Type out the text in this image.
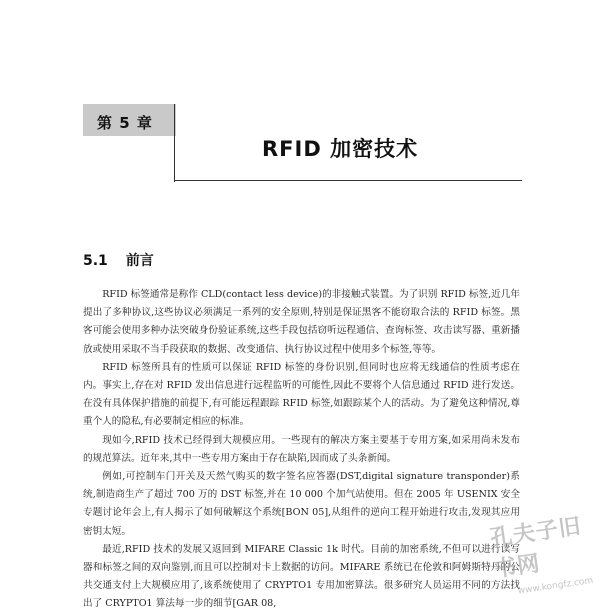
第 5 章
RFID 加密技术
5.1 前言

RFID 标签通常是称作 CLD(contact less device)的非接触式装置。为了识别 RFID 标签,近几年提出了多种协议,这些协议必须满足一系列的安全原则,特别是保证黑客不能窃取合法的 RFID 标签。黑客可能会使用多种办法突破身份验证系统,这些手段包括窃听远程通信、查询标签、攻击读写器、重新播放或使用采取不当手段获取的数据、改变通信、执行协议过程中使用多个标签,等等。

RFID 标签所具有的性质可以保证 RFID 标签的身份识别,但同时也应将无线通信的性质考虑在内。事实上,存在对 RFID 发出信息进行远程监听的可能性,因此不要将个人信息通过 RFID 进行发送。在没有具体保护措施的前提下,有可能远程跟踪 RFID 标签,如跟踪某个人的活动。为了避免这种情况,尊重个人的隐私,有必要制定相应的标准。

现如今,RFID 技术已经得到大规模应用。一些现有的解决方案主要基于专用方案,如采用尚未发布的规范算法。近年来,其中一些专用方案由于存在缺陷,因而成了头条新闻。

例如,可控制车门开关及天然气购买的数字签名应答器(DST,digital signature transponder)系统,制造商生产了超过 700 万的 DST 标签,并在 10 000 个加气站使用。但在 2005 年 USENIX 安全专题讨论年会上,有人揭示了如何破解这个系统[BON 05],从组件的逆向工程开始进行攻击,发现其应用密钥太短。

最近,RFID 技术的发展又返回到 MIFARE Classic 1k 时代。目前的加密系统,不但可以进行读写器和标签之间的双向鉴别,而且可以控制对卡上数据的访问。MIFARE 系统已在伦敦和阿姆斯特丹的公共交通支付上大规模应用了,该系统使用了 CRYPTO1 专用加密算法。很多研究人员运用不同的方法找出了 CRYPTO1 算法每一步的细节[GAR 08,

孔夫子旧书网
www.kongfz.com
